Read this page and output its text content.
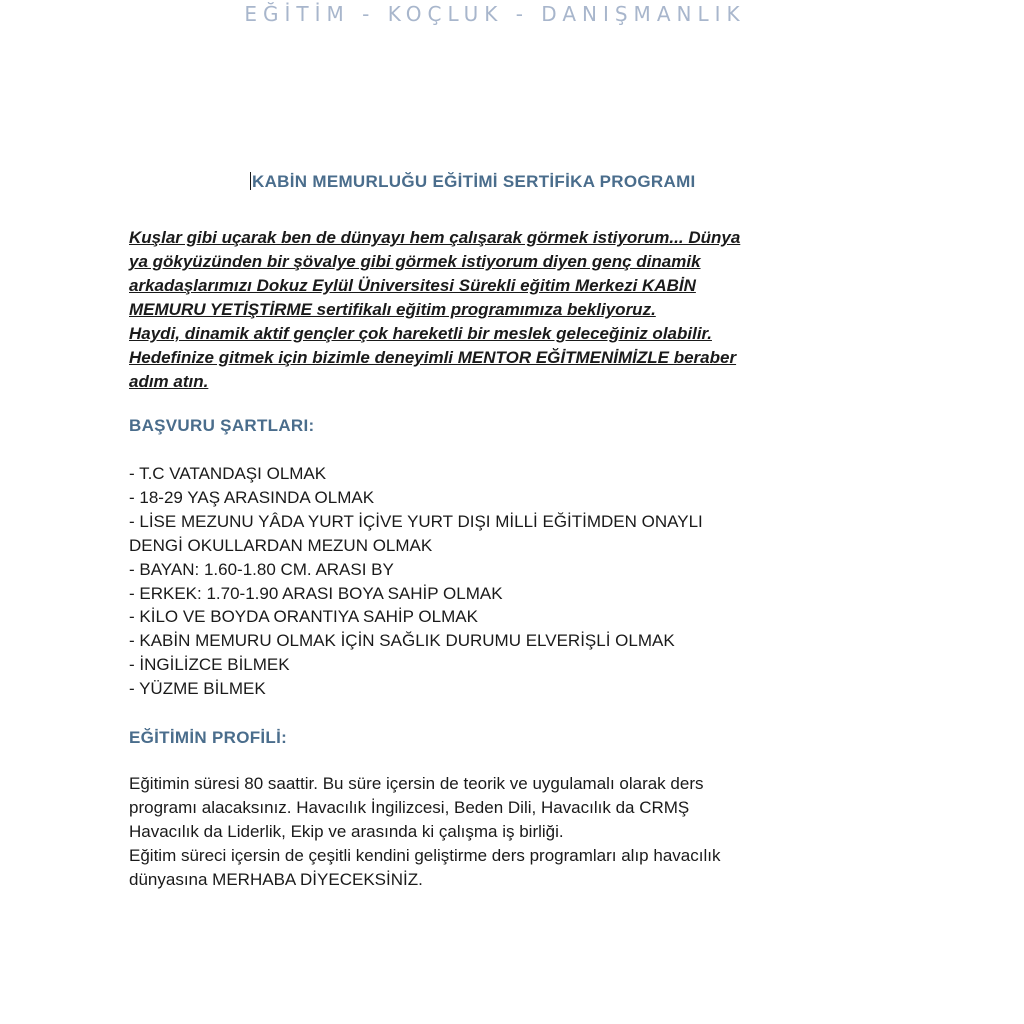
EĞİTİM - KOÇLUK - DANIŞMANLIK
KABİN MEMURLUĞU EĞİTİMİ SERTİFİKA PROGRAMI
Kuşlar gibi uçarak ben de dünyayı hem çalışarak görmek istiyorum... Dünya
ya gökyüzünden bir şövalye gibi görmek istiyorum diyen genç dinamik
arkadaşlarımızı Dokuz Eylül Üniversitesi Sürekli eğitim Merkezi KABİN
MEMURU YETİŞTİRME sertifikalı eğitim programımıza bekliyoruz.
Haydi, dinamik aktif gençler çok hareketli bir meslek geleceğiniz olabilir.
Hedefinize gitmek için bizimle deneyimli MENTOR EĞİTMENİMİZLE beraber
adım atın.
BAŞVURU ŞARTLARI:
- T.C VATANDAŞI OLMAK
- 18-29 YAŞ ARASINDA OLMAK
- LİSE MEZUNU YÂDA YURT İÇİVE YURT DIŞI MİLLİ EĞİTİMDEN ONAYLI
DENGİ OKULLARDAN MEZUN OLMAK
- BAYAN: 1.60-1.80 CM. ARASI BY
- ERKEK: 1.70-1.90 ARASI BOYA SAHİP OLMAK
- KİLO VE BOYDA ORANTIYA SAHİP OLMAK
- KABİN MEMURU OLMAK İÇİN SAĞLIK DURUMU ELVERİŞLİ OLMAK
- İNGİLİZCE BİLMEK
- YÜZME BİLMEK
EĞİTİMİN PROFİLİ:
Eğitimin süresi 80 saattir. Bu süre içersin de teorik ve uygulamalı olarak ders
programı alacaksınız. Havacılık İngilizcesi, Beden Dili, Havacılık da CRMŞ
Havacılık da Liderlik, Ekip ve arasında ki çalışma iş birliği.
Eğitim süreci içersin de çeşitli kendini geliştirme ders programları alıp havacılık
dünyasına MERHABA DİYECEKSİNİZ.
